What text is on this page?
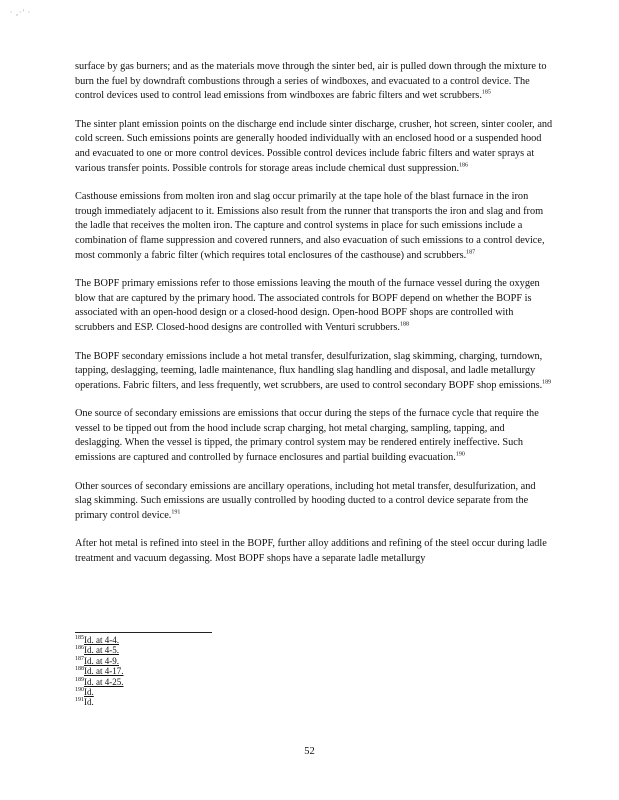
· ,·' ·

surface by gas burners; and as the materials move through the sinter bed, air is pulled down through the mixture to burn the fuel by downdraft combustions through a series of windboxes, and evacuated to a control device. The control devices used to control lead emissions from windboxes are fabric filters and wet scrubbers.$^{185}$

The sinter plant emission points on the discharge end include sinter discharge, crusher, hot screen, sinter cooler, and cold screen. Such emissions points are generally hooded individually with an enclosed hood or a suspended hood and evacuated to one or more control devices. Possible control devices include fabric filters and water sprays at various transfer points. Possible controls for storage areas include chemical dust suppression.$^{186}$

Casthouse emissions from molten iron and slag occur primarily at the tape hole of the blast furnace in the iron trough immediately adjacent to it. Emissions also result from the runner that transports the iron and slag and from the ladle that receives the molten iron. The capture and control systems in place for such emissions include a combination of flame suppression and covered runners, and also evacuation of such emissions to a control device, most commonly a fabric filter (which requires total enclosures of the casthouse) and scrubbers.$^{187}$

The BOPF primary emissions refer to those emissions leaving the mouth of the furnace vessel during the oxygen blow that are captured by the primary hood. The associated controls for BOPF depend on whether the BOPF is associated with an open-hood design or a closed-hood design. Open-hood BOPF shops are controlled with scrubbers and ESP. Closed-hood designs are controlled with Venturi scrubbers.$^{188}$

The BOPF secondary emissions include a hot metal transfer, desulfurization, slag skimming, charging, turndown, tapping, deslagging, teeming, ladle maintenance, flux handling slag handling and disposal, and ladle metallurgy operations. Fabric filters, and less frequently, wet scrubbers, are used to control secondary BOPF shop emissions.$^{189}$

One source of secondary emissions are emissions that occur during the steps of the furnace cycle that require the vessel to be tipped out from the hood include scrap charging, hot metal charging, sampling, tapping, and deslagging. When the vessel is tipped, the primary control system may be rendered entirely ineffective. Such emissions are captured and controlled by furnace enclosures and partial building evacuation.$^{190}$

Other sources of secondary emissions are ancillary operations, including hot metal transfer, desulfurization, and slag skimming. Such emissions are usually controlled by hooding ducted to a control device separate from the primary control device.$^{191}$

After hot metal is refined into steel in the BOPF, further alloy additions and refining of the steel occur during ladle treatment and vacuum degassing. Most BOPF shops have a separate ladle metallurgy

$^{185}$Id. at 4-4.
$^{186}$Id. at 4-5.
$^{187}$Id. at 4-9.
$^{188}$Id. at 4-17.
$^{189}$Id. at 4-25.
$^{190}$Id.
$^{191}$Id.
52
